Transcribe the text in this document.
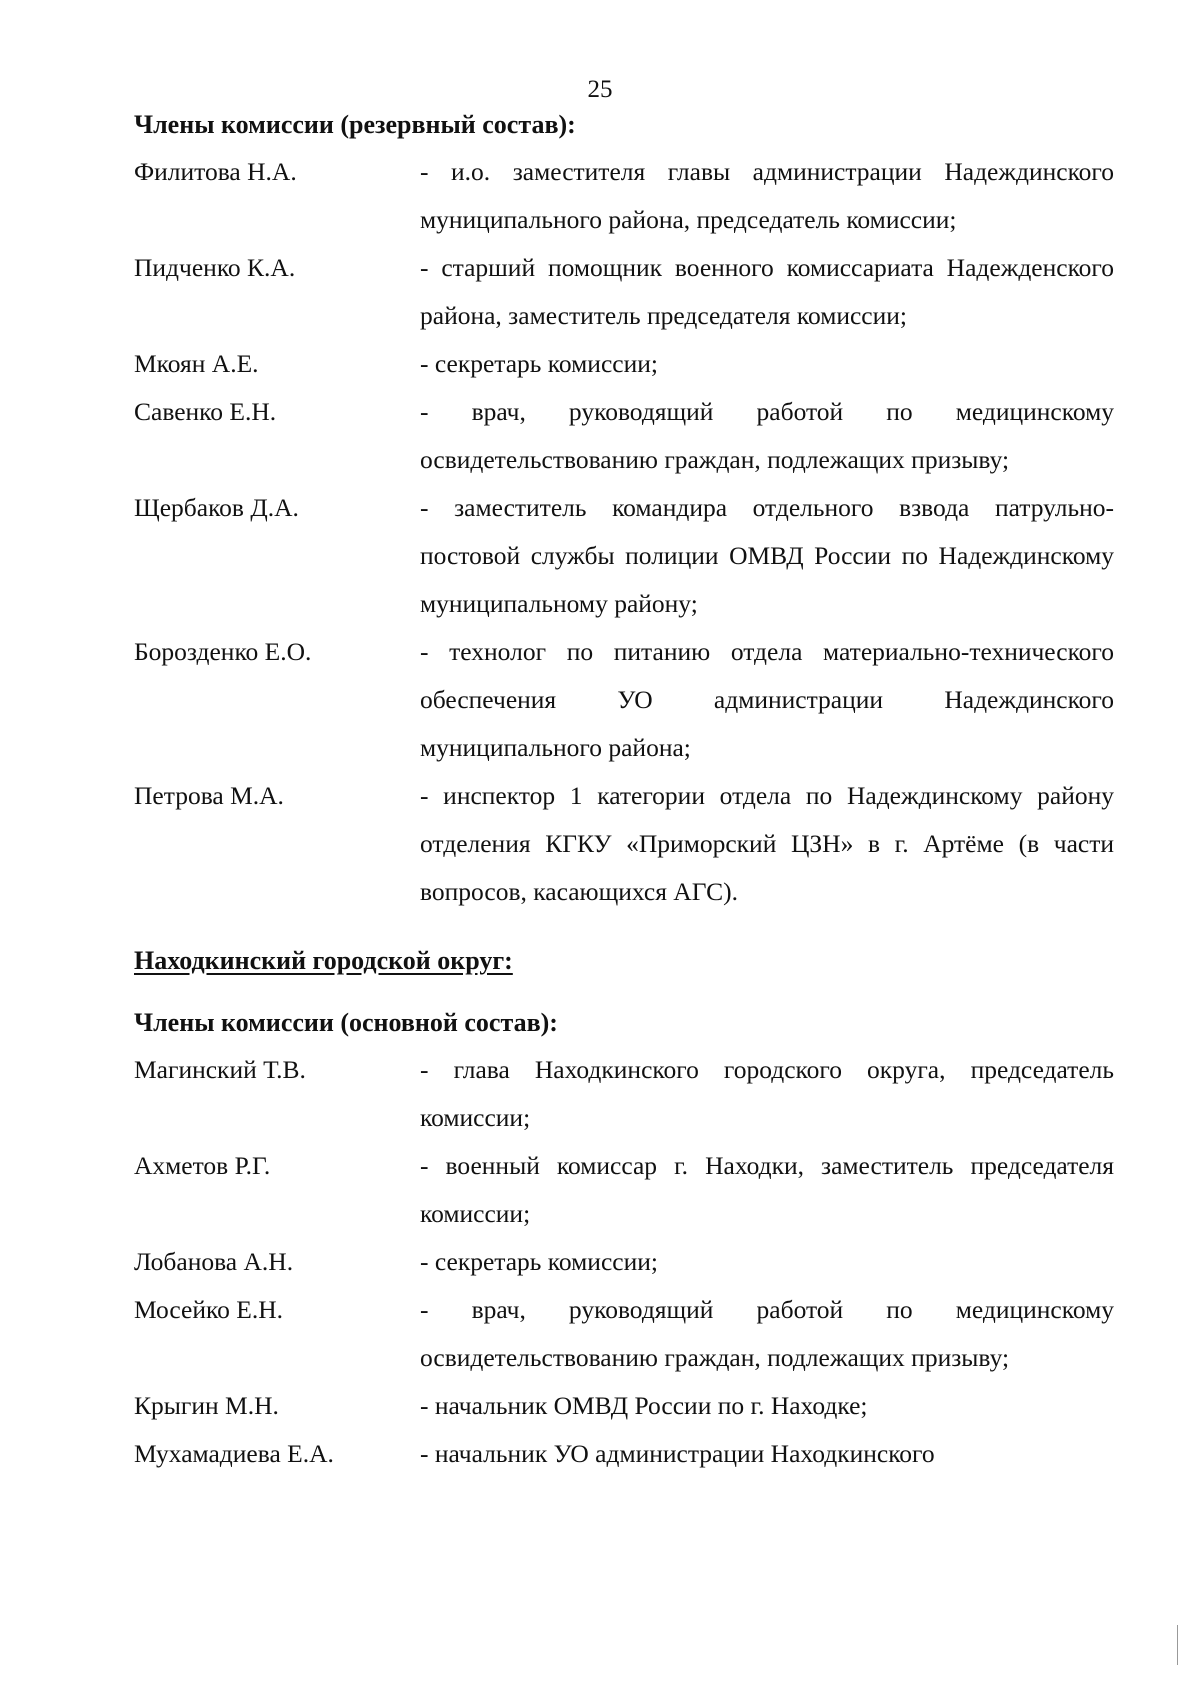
25
Члены комиссии (резервный состав):
Филитова Н.А.	- и.о. заместителя главы администрации Надеждинского муниципального района, председатель комиссии;
Пидченко К.А.	- старший помощник военного комиссариата Надежденского района, заместитель председателя комиссии;
Мкоян А.Е.	- секретарь комиссии;
Савенко Е.Н.	- врач, руководящий работой по медицинскому освидетельствованию граждан, подлежащих призыву;
Щербаков Д.А.	- заместитель командира отдельного взвода патрульно-постовой службы полиции ОМВД России по Надеждинскому муниципальному району;
Борозденко Е.О.	- технолог по питанию отдела материально-технического обеспечения УО администрации Надеждинского муниципального района;
Петрова М.А.	- инспектор 1 категории отдела по Надеждинскому району отделения КГКУ «Приморский ЦЗН» в г. Артёме (в части вопросов, касающихся АГС).
Находкинский городской округ:
Члены комиссии (основной состав):
Магинский Т.В.	- глава Находкинского городского округа, председатель комиссии;
Ахметов Р.Г.	- военный комиссар г. Находки, заместитель председателя комиссии;
Лобанова А.Н.	- секретарь комиссии;
Мосейко Е.Н.	- врач, руководящий работой по медицинскому освидетельствованию граждан, подлежащих призыву;
Крыгин М.Н.	- начальник ОМВД России по г. Находке;
Мухамадиева Е.А.	- начальник УО администрации Находкинского
